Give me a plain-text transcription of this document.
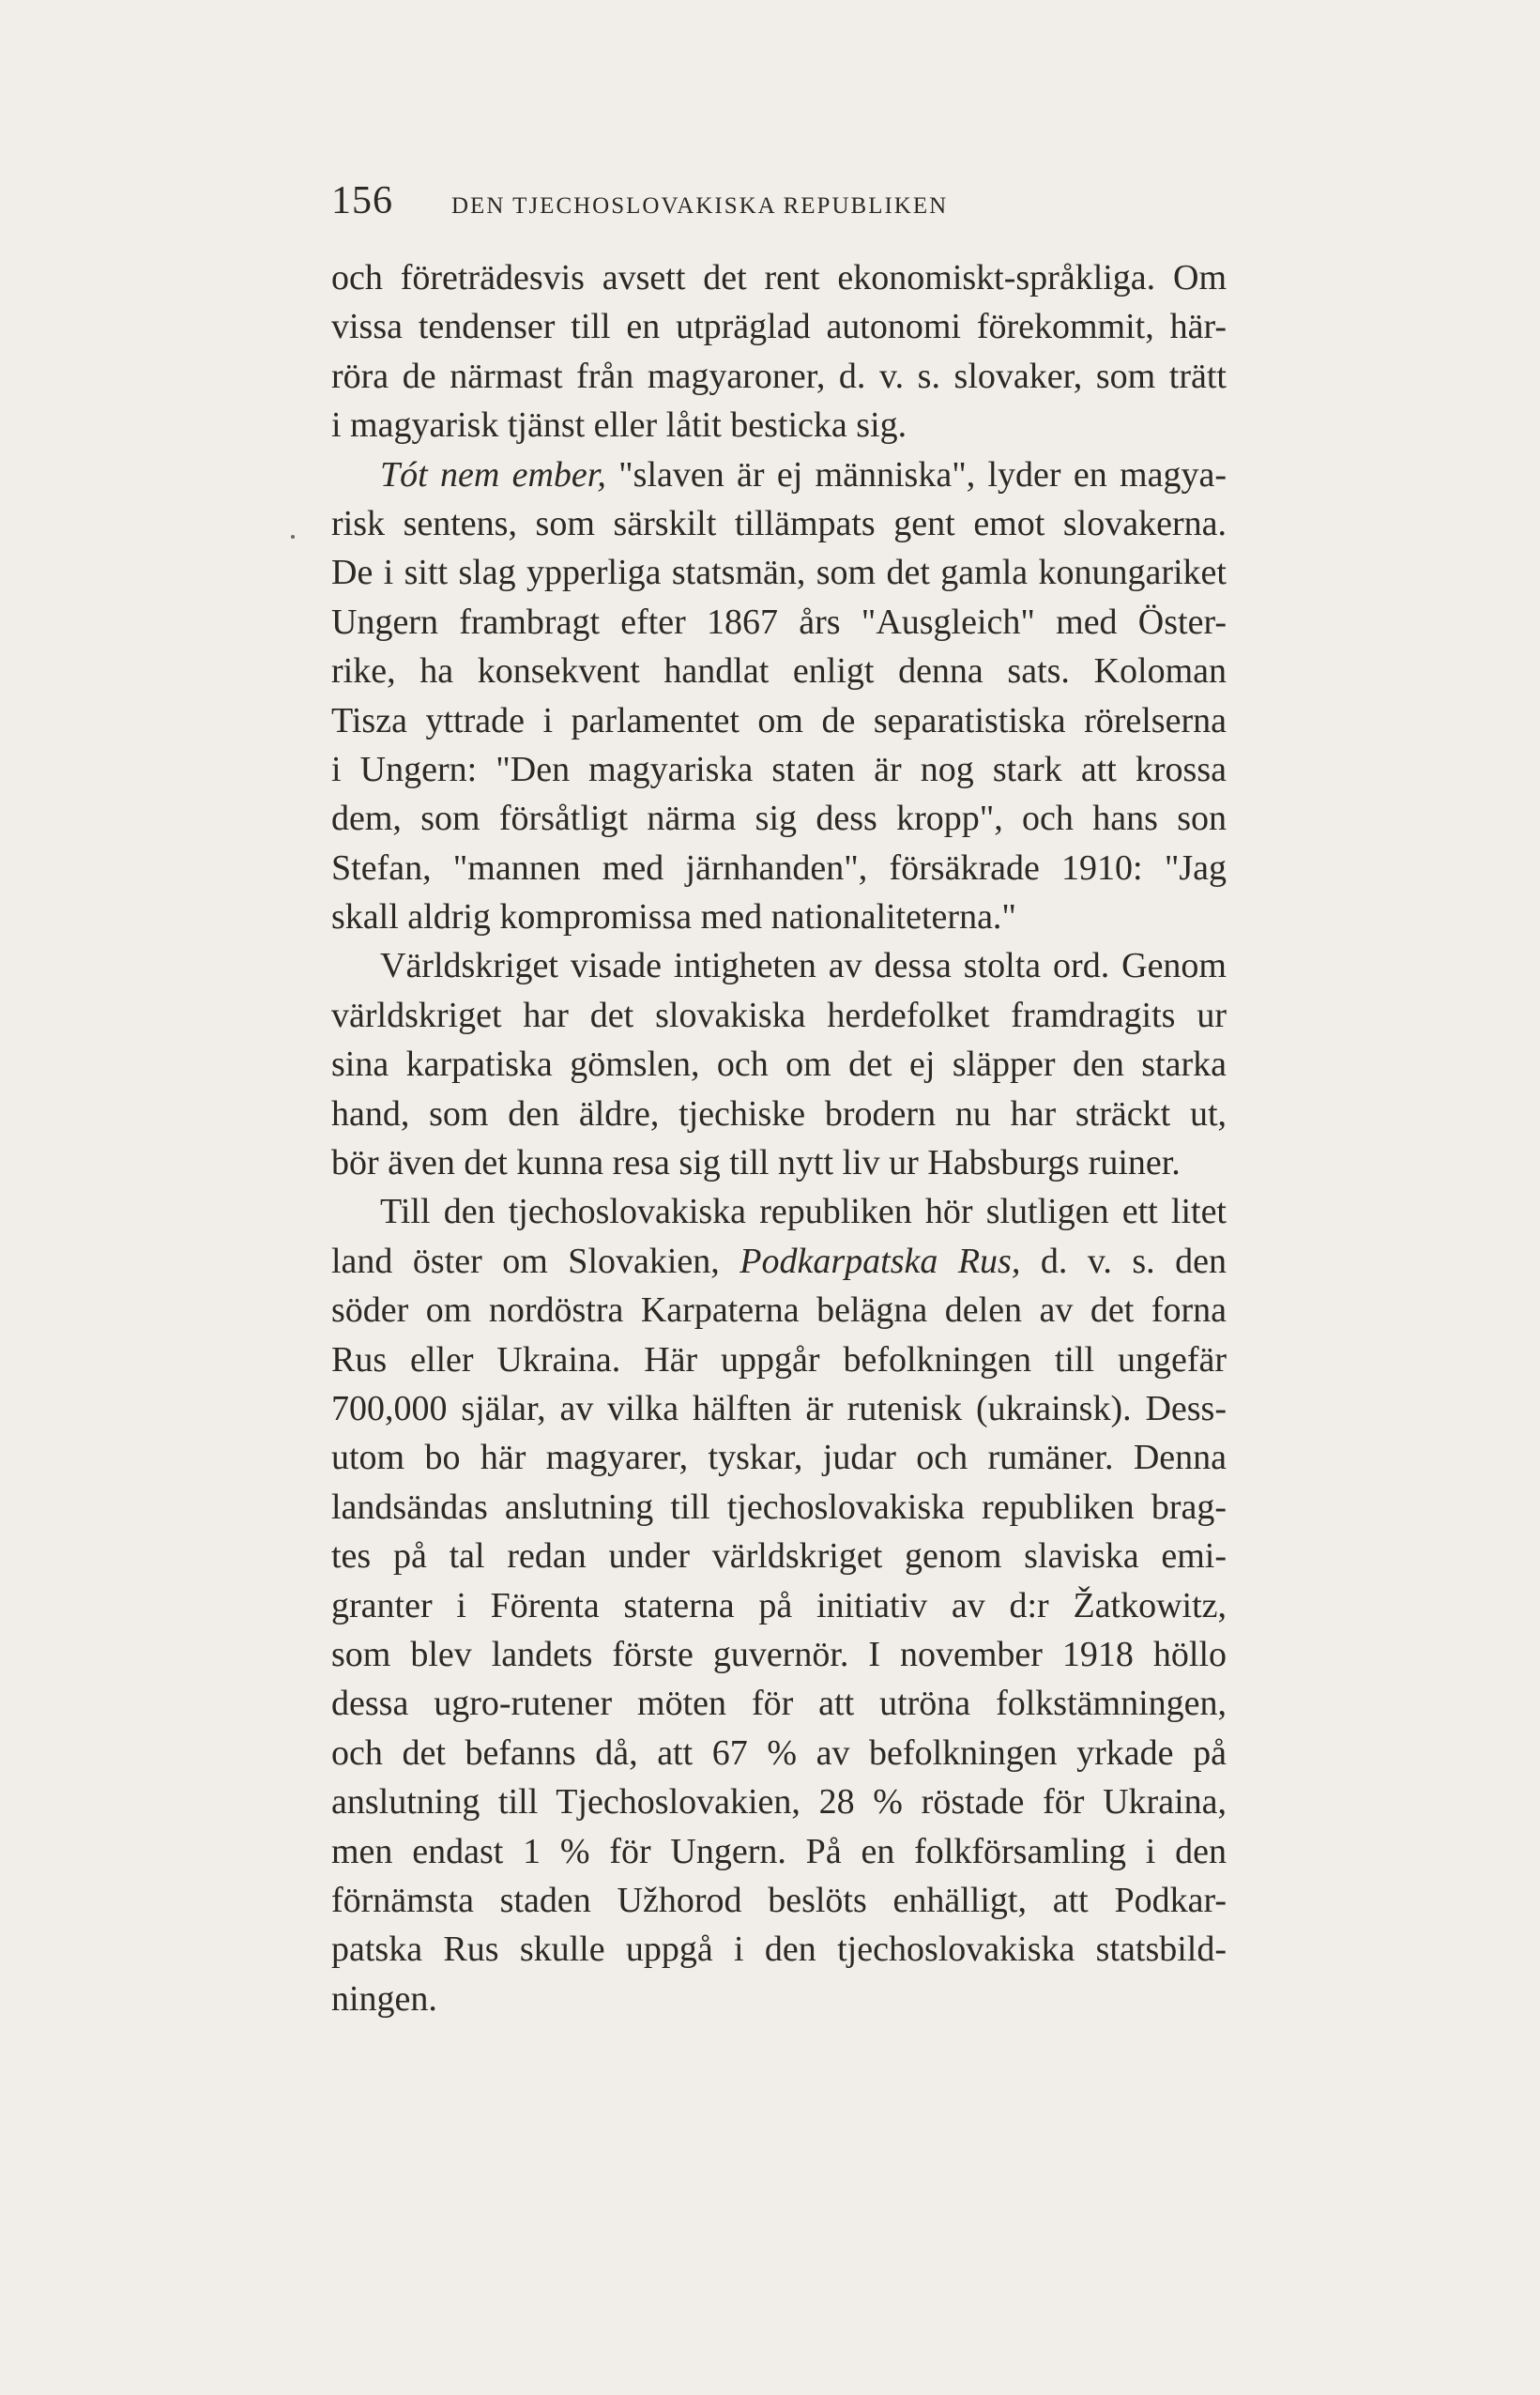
156	DEN TJECHOSLOVAKISKA REPUBLIKEN
och företrädesvis avsett det rent ekonomiskt-språkliga. Om
vissa tendenser till en utpräglad autonomi förekommit, här-
röra de närmast från magyaroner, d. v. s. slovaker, som trätt
i magyarisk tjänst eller låtit besticka sig.
Tót nem ember, "slaven är ej människa", lyder en magya-
risk sentens, som särskilt tillämpats gent emot slovakerna.
De i sitt slag ypperliga statsmän, som det gamla konungariket
Ungern frambragt efter 1867 års "Ausgleich" med Öster-
rike, ha konsekvent handlat enligt denna sats. Koloman
Tisza yttrade i parlamentet om de separatistiska rörelserna
i Ungern: "Den magyariska staten är nog stark att krossa
dem, som försåtligt närma sig dess kropp", och hans son
Stefan, "mannen med järnhanden", försäkrade 1910: "Jag
skall aldrig kompromissa med nationaliteterna."
Världskriget visade intigheten av dessa stolta ord. Genom
världskriget har det slovakiska herdefolket framdragits ur
sina karpatiska gömslen, och om det ej släpper den starka
hand, som den äldre, tjechiske brodern nu har sträckt ut,
bör även det kunna resa sig till nytt liv ur Habsburgs ruiner.
Till den tjechoslovakiska republiken hör slutligen ett litet
land öster om Slovakien, Podkarpatska Rus, d. v. s. den
söder om nordöstra Karpaterna belägna delen av det forna
Rus eller Ukraina. Här uppgår befolkningen till ungefär
700,000 själar, av vilka hälften är rutenisk (ukrainsk). Dess-
utom bo här magyarer, tyskar, judar och rumäner. Denna
landsändas anslutning till tjechoslovakiska republiken brag-
tes på tal redan under världskriget genom slaviska emi-
granter i Förenta staterna på initiativ av d:r Žatkowitz,
som blev landets förste guvernör. I november 1918 höllo
dessa ugro-rutener möten för att utröna folkstämningen,
och det befanns då, att 67 % av befolkningen yrkade på
anslutning till Tjechoslovakien, 28 % röstade för Ukraina,
men endast 1 % för Ungern. På en folkförsamling i den
förnämsta staden Užhorod beslöts enhälligt, att Podkar-
patska Rus skulle uppgå i den tjechoslovakiska statsbild-
ningen.
